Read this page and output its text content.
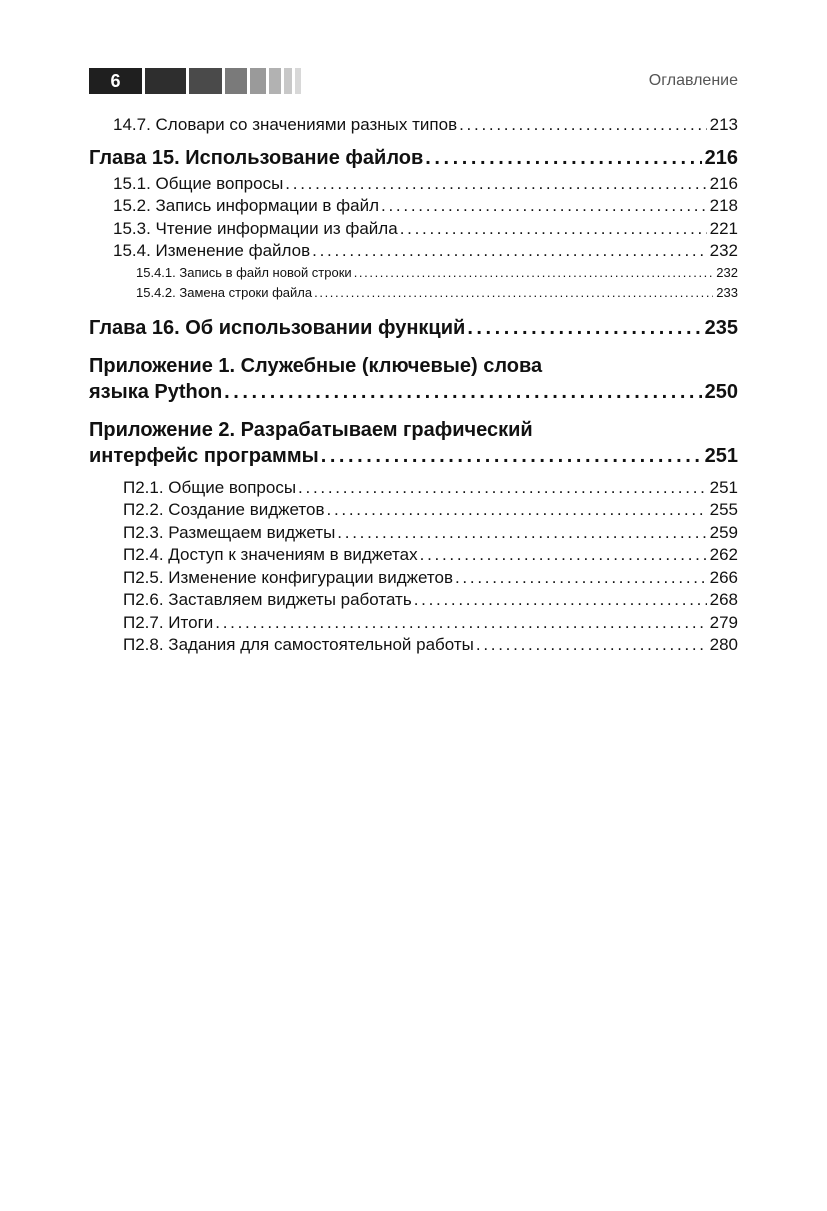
6	Оглавление
14.7. Словари со значениями разных типов . . .	213
Глава 15. Использование файлов . . .	216
15.1. Общие вопросы . . .	216
15.2. Запись информации в файл . . .	218
15.3. Чтение информации из файла . . .	221
15.4. Изменение файлов . . .	232
15.4.1. Запись в файл новой строки . . .	232
15.4.2. Замена строки файла . . .	233
Глава 16. Об использовании функций . . .	235
Приложение 1. Служебные (ключевые) слова
языка Python . . .	250
Приложение 2. Разрабатываем графический
интерфейс программы . . .	251
П2.1. Общие вопросы . . .	251
П2.2. Создание виджетов . . .	255
П2.3. Размещаем виджеты . . .	259
П2.4. Доступ к значениям в виджетах . . .	262
П2.5. Изменение конфигурации виджетов . . .	266
П2.6. Заставляем виджеты работать . . .	268
П2.7. Итоги . . .	279
П2.8. Задания для самостоятельной работы . . .	280
